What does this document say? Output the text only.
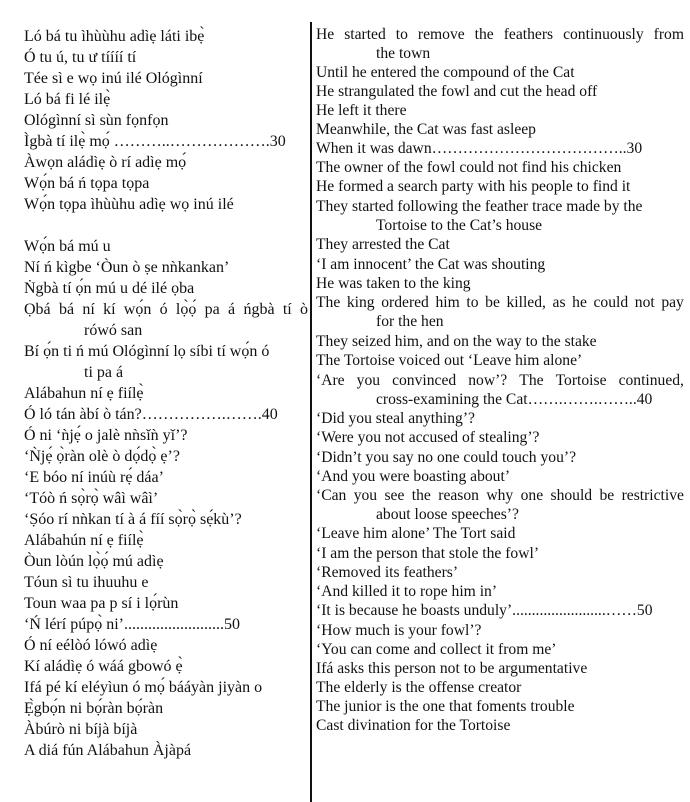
Ló bá tu ìhùùhu adìẹ láti ibẹ̀
Ó tu ú, tu ư tíííí tí
Tée sì e wọ inú ilé Ológìnní
Ló bá fi lé ilẹ̀
Ológìnní sì sùn fọnfọn
Ìgbà tí ilẹ̀ mọ́ ………..……………….30
Àwọn aládìẹ ò rí adìẹ mọ́
Wọ́n bá ń tọpa tọpa
Wọ́n tọpa ìhùùhu adìẹ wọ inú ilé
Wọ́n bá mú u
Ní ń kìgbe ‘Òun ò ṣe nǹkankan’
Ṅgbà tí ọ́n mú u dé ilé ọba
Ọbá bá ní kí wọ́n ó lọ̀ọ́ pa á ńgbà tí ò
rówó san
Bí ọ́n ti ń mú Ológìnní lọ síbi tí wọ́n ó
ti pa á
Alábahun ní ẹ fiílẹ̀
Ó ló tán àbí ò tán?…………….…….40
Ó ni ‘ǹjẹ́ o jalè nǹsǐǹ yǐ’?
‘Ǹjẹ́ ọ̀ràn olè ò dọ́dọ̀ ẹ’?
‘E bóo ní inúù rẹ́ dáa’
‘Tóò ń sọ̀rọ̀ wâì wâì’
‘Ṣóo rí nǹkan tí à á fíí sọ̀rọ̀ sẹ́kù’?
Alábahún ní ẹ fiílẹ̀
Òun lòún lọ̀ọ́ mú adìẹ
Tóun sì tu ihuuhu e
Toun waa pa p sí i lọ́rùn
‘Ń lérí púpọ̀ ni’.........................50
Ó ní eélòó lówó adìẹ
Kí aládìẹ ó wáá gbowó ẹ̀
Ifá pé kí eléyìun ó mọ́ bááyàn jiyàn o
Ẹ̀gbọ́n ni bọ́ràn bọ́ràn
Àbúrò ni bíjà bíjà
A diá fún Alábahun Àjàpá
He started to remove the feathers continuously from
the town
Until he entered the compound of the Cat
He strangulated the fowl and cut the head off
He left it there
Meanwhile, the Cat was fast asleep
When it was dawn………………………………..30
The owner of the fowl could not find his chicken
He formed a search party with his people to find it
They started following the feather trace made by the
Tortoise to the Cat’s house
They arrested the Cat
‘I am innocent’ the Cat was shouting
He was taken to the king
The king ordered him to be killed, as he could not pay
for the hen
They seized him, and on the way to the stake
The Tortoise voiced out ‘Leave him alone’
‘Are you convinced now’? The Tortoise continued,
cross-examining the Cat…….…….……..40
‘Did you steal anything’?
‘Were you not accused of stealing’?
‘Didn’t you say no one could touch you’?
‘And you were boasting about’
‘Can you see the reason why one should be restrictive
about loose speeches’?
‘Leave him alone’ The Tort said
‘I am the person that stole the fowl’
‘Removed its feathers’
‘And killed it to rope him in’
‘It is because he boasts unduly’........................……50
‘How much is your fowl’?
‘You can come and collect it from me’
Ifá asks this person not to be argumentative
The elderly is the offense creator
The junior is the one that foments trouble
Cast divination for the Tortoise
